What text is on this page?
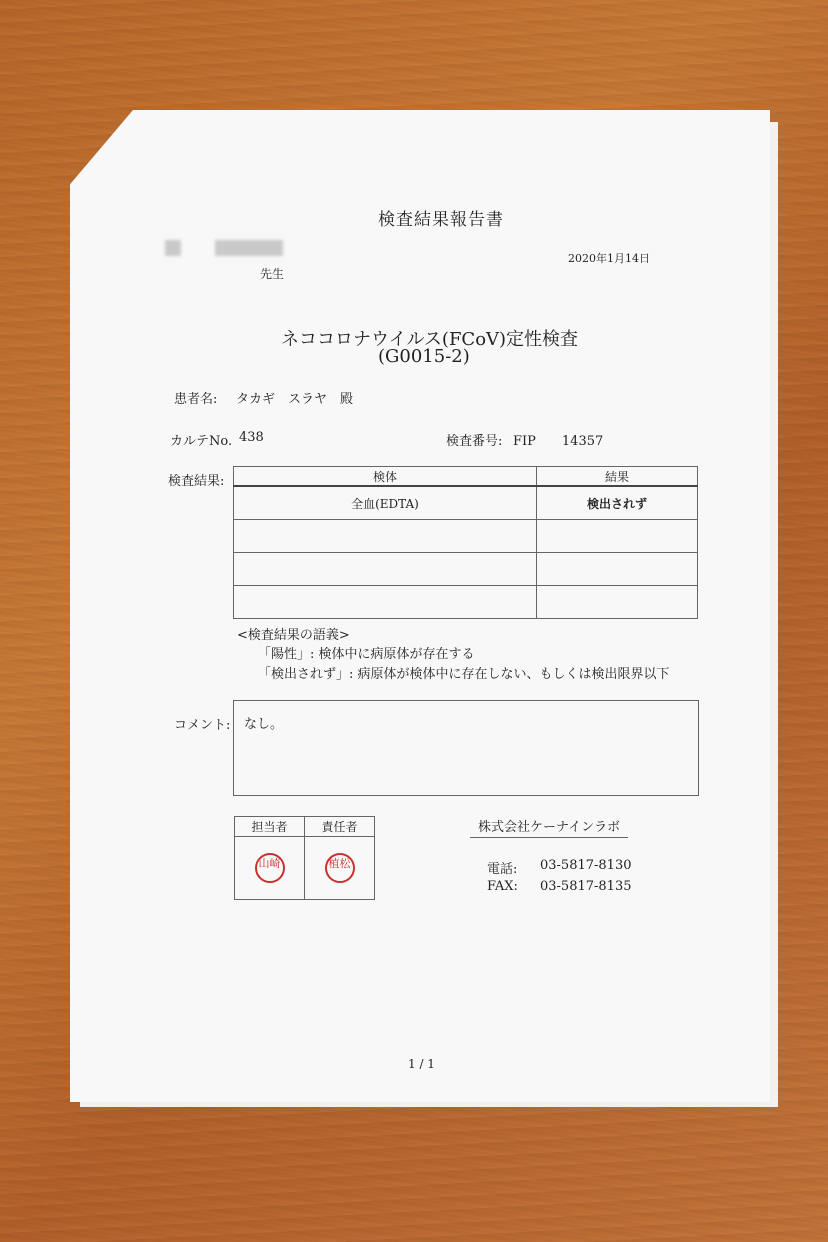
検査結果報告書
先生
2020年1月14日
ネココロナウイルス(FCoV)定性検査
(G0015-2)
患者名: タカギ　スラヤ　殿
カルテNo. 438	検査番号: FIP　　14357
検査結果:	検体	結果
全血(EDTA)	検出されず

<検査結果の語義>
「陽性」: 検体中に病原体が存在する
「検出されず」: 病原体が検体中に存在しない、もしくは検出限界以下
コメント: なし。
担当者	責任者
山崎	植松
株式会社ケーナインラボ
電話: 03-5817-8130
FAX: 03-5817-8135
1 / 1
